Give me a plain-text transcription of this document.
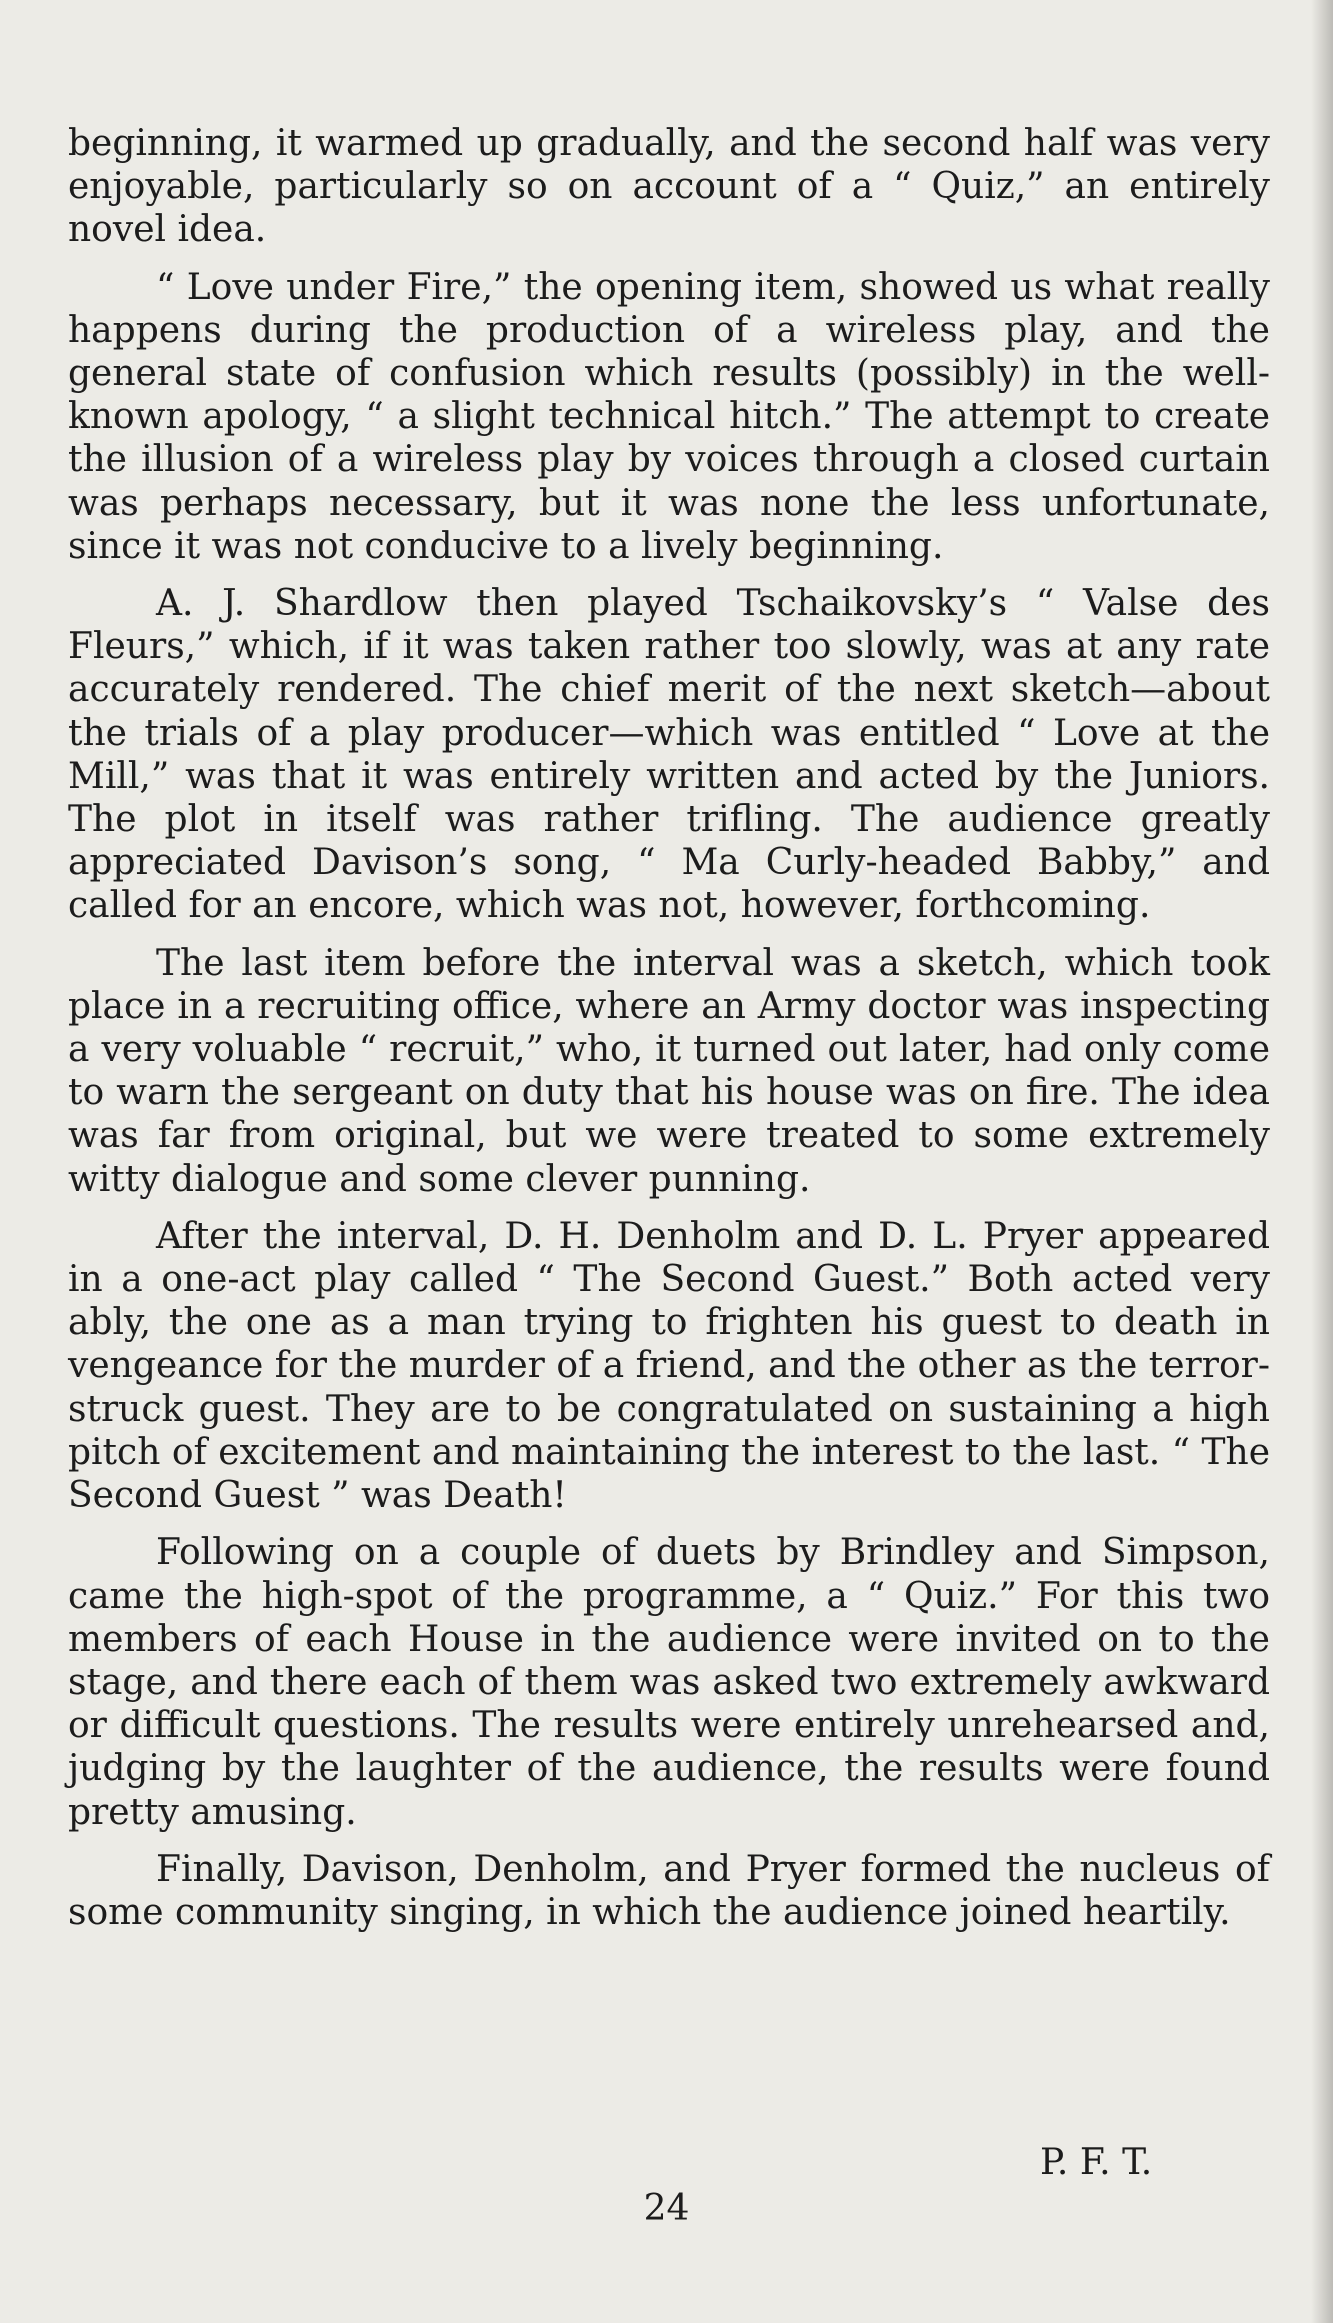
beginning, it warmed up gradually, and the second half was very enjoyable, particularly so on account of a “ Quiz,” an entirely novel idea.

“ Love under Fire,” the opening item, showed us what really happens during the production of a wireless play, and the general state of confusion which results (possibly) in the well-known apology, “ a slight technical hitch.” The attempt to create the illusion of a wireless play by voices through a closed curtain was perhaps necessary, but it was none the less unfortunate, since it was not conducive to a lively beginning.

A. J. Shardlow then played Tschaikovsky’s “ Valse des Fleurs,” which, if it was taken rather too slowly, was at any rate accurately rendered. The chief merit of the next sketch—about the trials of a play producer—which was entitled “ Love at the Mill,” was that it was entirely written and acted by the Juniors. The plot in itself was rather trifling. The audience greatly appreciated Davison’s song, “ Ma Curly-headed Babby,” and called for an encore, which was not, however, forthcoming.

The last item before the interval was a sketch, which took place in a recruiting office, where an Army doctor was inspecting a very voluable “ recruit,” who, it turned out later, had only come to warn the sergeant on duty that his house was on fire. The idea was far from original, but we were treated to some extremely witty dialogue and some clever punning.

After the interval, D. H. Denholm and D. L. Pryer appeared in a one-act play called “ The Second Guest.” Both acted very ably, the one as a man trying to frighten his guest to death in vengeance for the murder of a friend, and the other as the terror-struck guest. They are to be congratulated on sustaining a high pitch of excitement and maintaining the interest to the last. “ The Second Guest ” was Death!

Following on a couple of duets by Brindley and Simpson, came the high-spot of the programme, a “ Quiz.” For this two members of each House in the audience were invited on to the stage, and there each of them was asked two extremely awkward or difficult questions. The results were entirely unrehearsed and, judging by the laughter of the audience, the results were found pretty amusing.

Finally, Davison, Denholm, and Pryer formed the nucleus of some community singing, in which the audience joined heartily.

P. F. T.
24
